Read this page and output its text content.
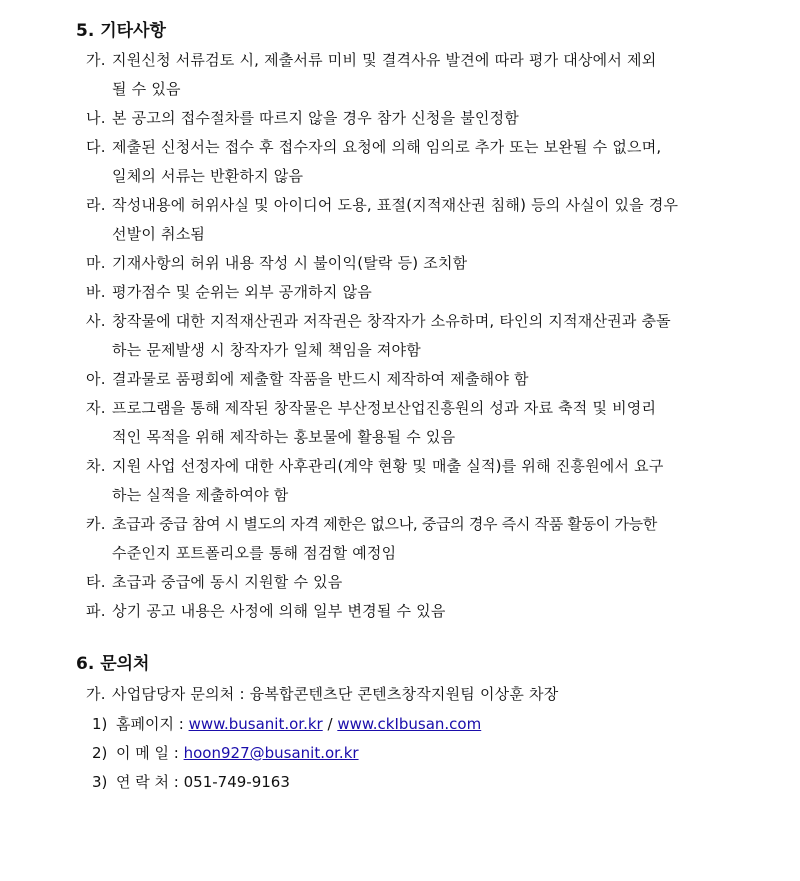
5. 기타사항
가. 지원신청 서류검토 시, 제출서류 미비 및 결격사유 발견에 따라 평가 대상에서 제외
될 수 있음
나. 본 공고의 접수절차를 따르지 않을 경우 참가 신청을 불인정함
다. 제출된 신청서는 접수 후 접수자의 요청에 의해 임의로 추가 또는 보완될 수 없으며,
일체의 서류는 반환하지 않음
라. 작성내용에 허위사실 및 아이디어 도용, 표절(지적재산권 침해) 등의 사실이 있을 경우
선발이 취소됨
마. 기재사항의 허위 내용 작성 시 불이익(탈락 등) 조치함
바. 평가점수 및 순위는 외부 공개하지 않음
사. 창작물에 대한 지적재산권과 저작권은 창작자가 소유하며, 타인의 지적재산권과 충돌
하는 문제발생 시 창작자가 일체 책임을 져야함
아. 결과물로 품평회에 제출할 작품을 반드시 제작하여 제출해야 함
자. 프로그램을 통해 제작된 창작물은 부산정보산업진흥원의 성과 자료 축적 및 비영리
적인 목적을 위해 제작하는 홍보물에 활용될 수 있음
차. 지원 사업 선정자에 대한 사후관리(계약 현황 및 매출 실적)를 위해 진흥원에서 요구
하는 실적을 제출하여야 함
카. 초급과 중급 참여 시 별도의 자격 제한은 없으나, 중급의 경우 즉시 작품 활동이 가능한
수준인지 포트폴리오를 통해 점검할 예정임
타. 초급과 중급에 동시 지원할 수 있음
파. 상기 공고 내용은 사정에 의해 일부 변경될 수 있음
6. 문의처
가. 사업담당자 문의처 : 융복합콘텐츠단 콘텐츠창작지원팀 이상훈 차장
1) 홈페이지 : www.busanit.or.kr / www.ckIbusan.com
2) 이 메 일 : hoon927@busanit.or.kr
3) 연 락 처 : 051-749-9163
